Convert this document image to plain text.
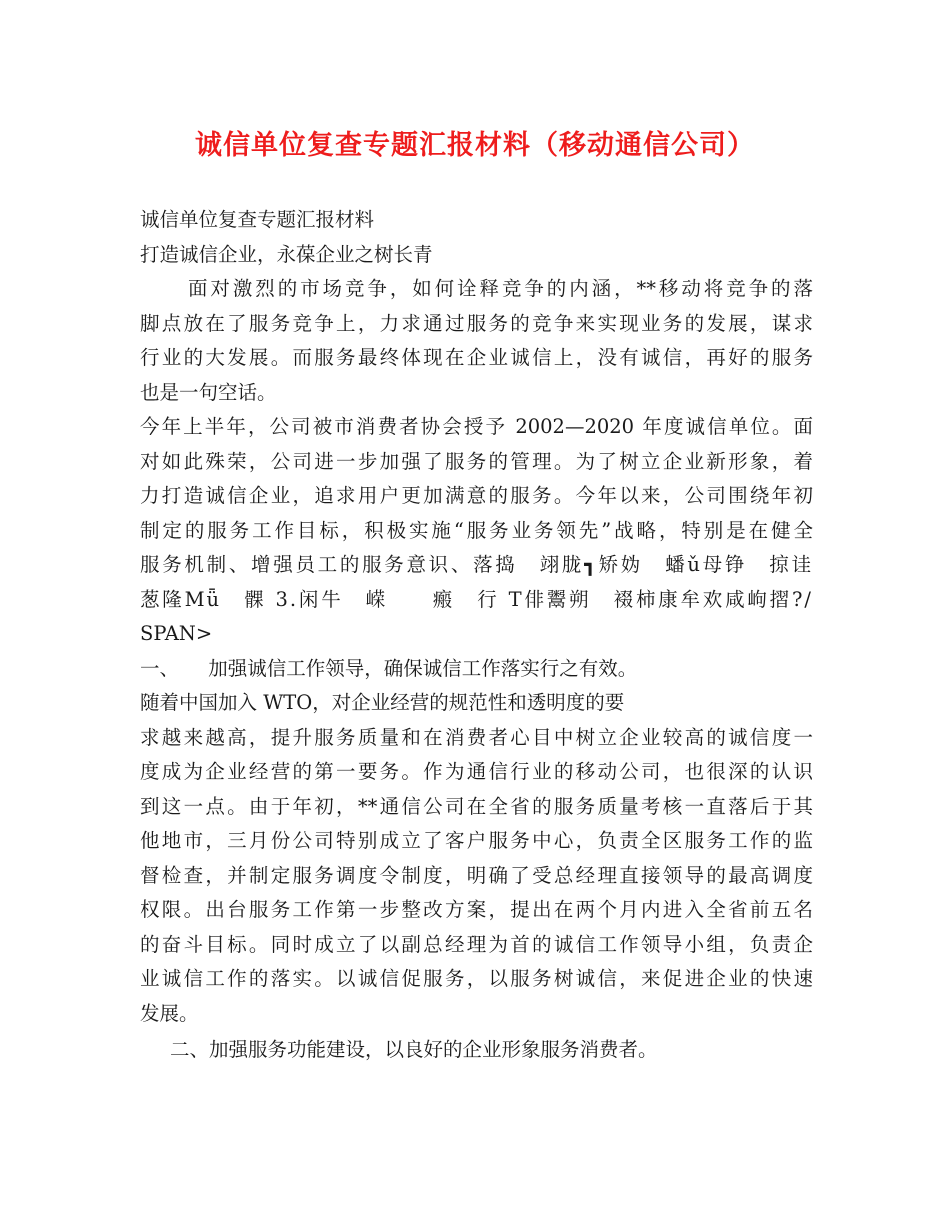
诚信单位复查专题汇报材料（移动通信公司）
诚信单位复查专题汇报材料
打造诚信企业，永葆企业之树长青
面对激烈的市场竞争，如何诠释竞争的内涵，**移动将竞争的落
脚点放在了服务竞争上，力求通过服务的竞争来实现业务的发展，谋求
行业的大发展。而服务最终体现在企业诚信上，没有诚信，再好的服务
也是一句空话。
今年上半年，公司被市消费者协会授予 2002—2020 年度诚信单位。面
对如此殊荣，公司进一步加强了服务的管理。为了树立企业新形象，着
力打造诚信企业，追求用户更加满意的服务。今年以来，公司围绕年初
制定的服务工作目标，积极实施“服务业务领先”战略，特别是在健全
服务机制、增强员工的服务意识、落捣　翊胧┓矫妫　蟠ǔ母铮　掠诖
葱隆Mǖ　髁 3.闲牛　嵘　　瘢　行 T俳鬻朔　裰柿康牟欢咸岣摺?/
SPAN>
一、　　加强诚信工作领导，确保诚信工作落实行之有效。
随着中国加入 WTO，对企业经营的规范性和透明度的要
求越来越高，提升服务质量和在消费者心目中树立企业较高的诚信度一
度成为企业经营的第一要务。作为通信行业的移动公司，也很深的认识
到这一点。由于年初，**通信公司在全省的服务质量考核一直落后于其
他地市，三月份公司特别成立了客户服务中心，负责全区服务工作的监
督检查，并制定服务调度令制度，明确了受总经理直接领导的最高调度
权限。出台服务工作第一步整改方案，提出在两个月内进入全省前五名
的奋斗目标。同时成立了以副总经理为首的诚信工作领导小组，负责企
业诚信工作的落实。以诚信促服务，以服务树诚信，来促进企业的快速
发展。
二、加强服务功能建设，以良好的企业形象服务消费者。
